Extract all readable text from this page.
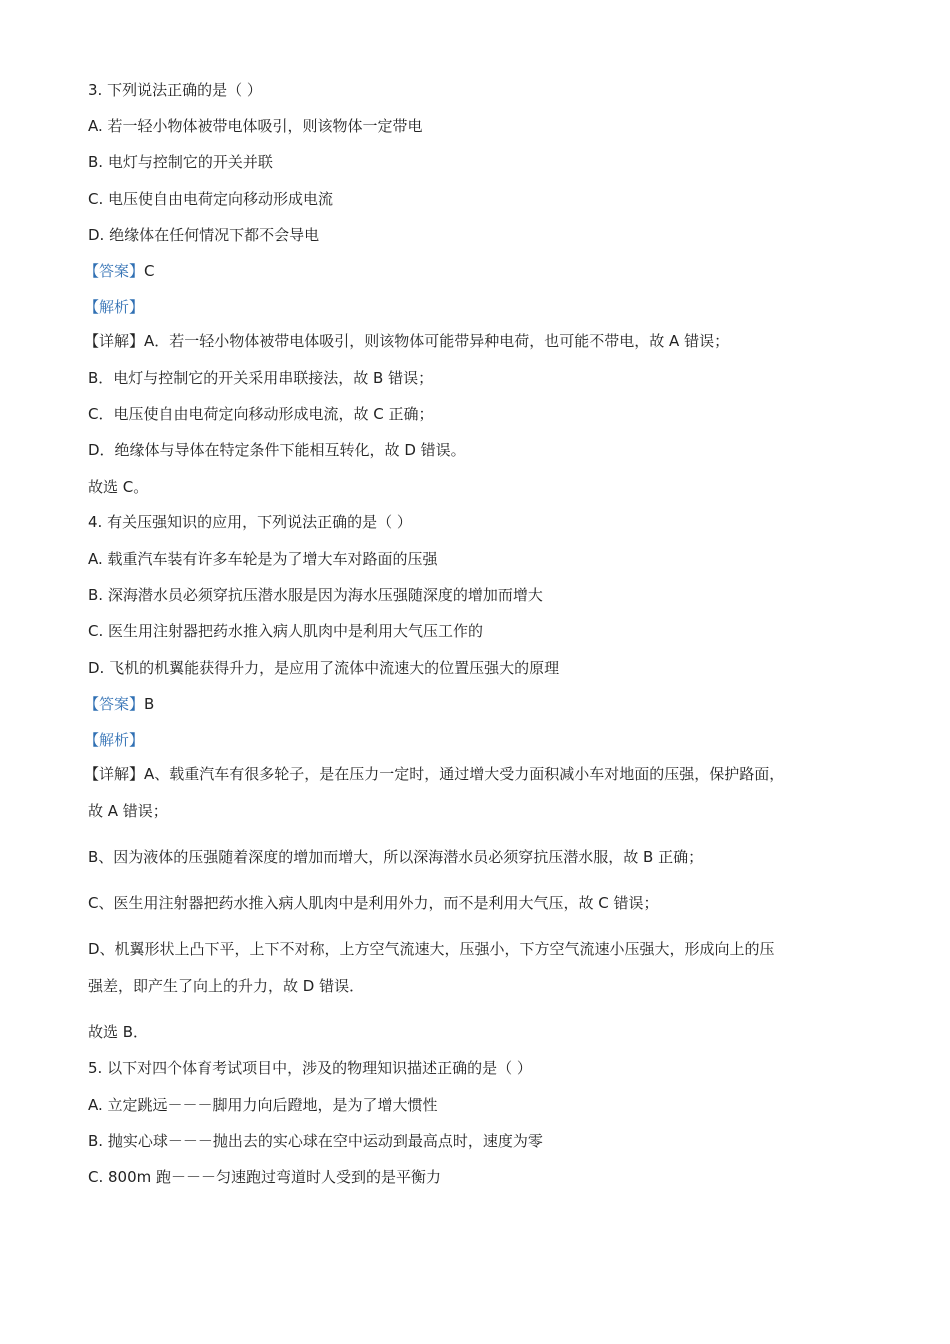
3. 下列说法正确的是（ ）

A. 若一轻小物体被带电体吸引，则该物体一定带电

B. 电灯与控制它的开关并联

C. 电压使自由电荷定向移动形成电流

D. 绝缘体在任何情况下都不会导电

【答案】C

【解析】

【详解】A．若一轻小物体被带电体吸引，则该物体可能带异种电荷，也可能不带电，故 A 错误；

B．电灯与控制它的开关采用串联接法，故 B 错误；

C．电压使自由电荷定向移动形成电流，故 C 正确；

D．绝缘体与导体在特定条件下能相互转化，故 D 错误。

故选 C。

4. 有关压强知识的应用，下列说法正确的是（ ）

A. 载重汽车装有许多车轮是为了增大车对路面的压强

B. 深海潜水员必须穿抗压潜水服是因为海水压强随深度的增加而增大

C. 医生用注射器把药水推入病人肌肉中是利用大气压工作的

D. 飞机的机翼能获得升力，是应用了流体中流速大的位置压强大的原理

【答案】B

【解析】

【详解】A、载重汽车有很多轮子，是在压力一定时，通过增大受力面积减小车对地面的压强，保护路面，

故 A 错误；

B、因为液体的压强随着深度的增加而增大，所以深海潜水员必须穿抗压潜水服，故 B 正确；

C、医生用注射器把药水推入病人肌肉中是利用外力，而不是利用大气压，故 C 错误；

D、机翼形状上凸下平，上下不对称，上方空气流速大，压强小，下方空气流速小压强大，形成向上的压

强差，即产生了向上的升力，故 D 错误．

故选 B．

5. 以下对四个体育考试项目中，涉及的物理知识描述正确的是（ ）

A. 立定跳远－－－脚用力向后蹬地，是为了增大惯性

B. 抛实心球－－－抛出去的实心球在空中运动到最高点时，速度为零

C. 800m 跑－－－匀速跑过弯道时人受到的是平衡力
